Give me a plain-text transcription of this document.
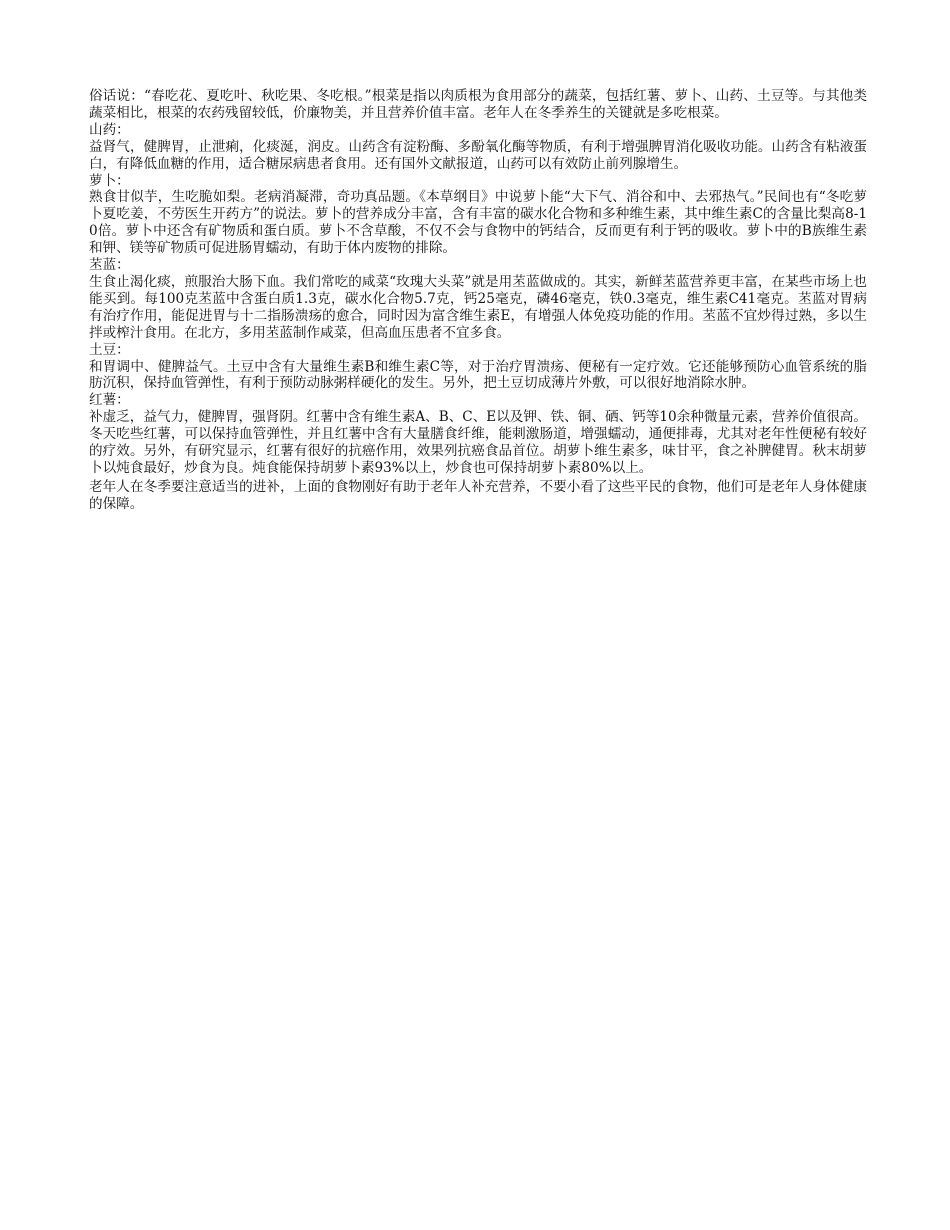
俗话说：“春吃花、夏吃叶、秋吃果、冬吃根。”根菜是指以肉质根为食用部分的蔬菜，包括红薯、萝卜、山药、土豆等。与其他类蔬菜相比，根菜的农药残留较低，价廉物美，并且营养价值丰富。老年人在冬季养生的关键就是多吃根菜。

山药：

益肾气，健脾胃，止泄痢，化痰涎，润皮。山药含有淀粉酶、多酚氧化酶等物质，有利于增强脾胃消化吸收功能。山药含有粘液蛋白，有降低血糖的作用，适合糖尿病患者食用。还有国外文献报道，山药可以有效防止前列腺增生。

萝卜：

熟食甘似芋，生吃脆如梨。老病消凝滞，奇功真品题。《本草纲目》中说萝卜能“大下气、消谷和中、去邪热气。”民间也有“冬吃萝卜夏吃姜，不劳医生开药方”的说法。萝卜的营养成分丰富，含有丰富的碳水化合物和多种维生素，其中维生素C的含量比梨高8-10倍。萝卜中还含有矿物质和蛋白质。萝卜不含草酸，不仅不会与食物中的钙结合，反而更有利于钙的吸收。萝卜中的B族维生素和钾、镁等矿物质可促进肠胃蠕动，有助于体内废物的排除。

苤蓝：

生食止渴化痰，煎服治大肠下血。我们常吃的咸菜“玫瑰大头菜”就是用苤蓝做成的。其实，新鲜苤蓝营养更丰富，在某些市场上也能买到。每100克苤蓝中含蛋白质1.3克，碳水化合物5.7克，钙25毫克，磷46毫克，铁0.3毫克，维生素C41毫克。苤蓝对胃病有治疗作用，能促进胃与十二指肠溃疡的愈合，同时因为富含维生素E，有增强人体免疫功能的作用。苤蓝不宜炒得过熟，多以生拌或榨汁食用。在北方，多用苤蓝制作咸菜，但高血压患者不宜多食。

土豆：

和胃调中、健脾益气。土豆中含有大量维生素B和维生素C等，对于治疗胃溃疡、便秘有一定疗效。它还能够预防心血管系统的脂肪沉积，保持血管弹性，有利于预防动脉粥样硬化的发生。另外，把土豆切成薄片外敷，可以很好地消除水肿。

红薯：

补虚乏，益气力，健脾胃，强肾阴。红薯中含有维生素A、B、C、E以及钾、铁、铜、硒、钙等10余种微量元素，营养价值很高。冬天吃些红薯，可以保持血管弹性，并且红薯中含有大量膳食纤维，能刺激肠道，增强蠕动，通便排毒，尤其对老年性便秘有较好的疗效。另外，有研究显示，红薯有很好的抗癌作用，效果列抗癌食品首位。胡萝卜维生素多，味甘平，食之补脾健胃。秋末胡萝卜以炖食最好，炒食为良。炖食能保持胡萝卜素93%以上，炒食也可保持胡萝卜素80%以上。

老年人在冬季要注意适当的进补，上面的食物刚好有助于老年人补充营养，不要小看了这些平民的食物，他们可是老年人身体健康的保障。
